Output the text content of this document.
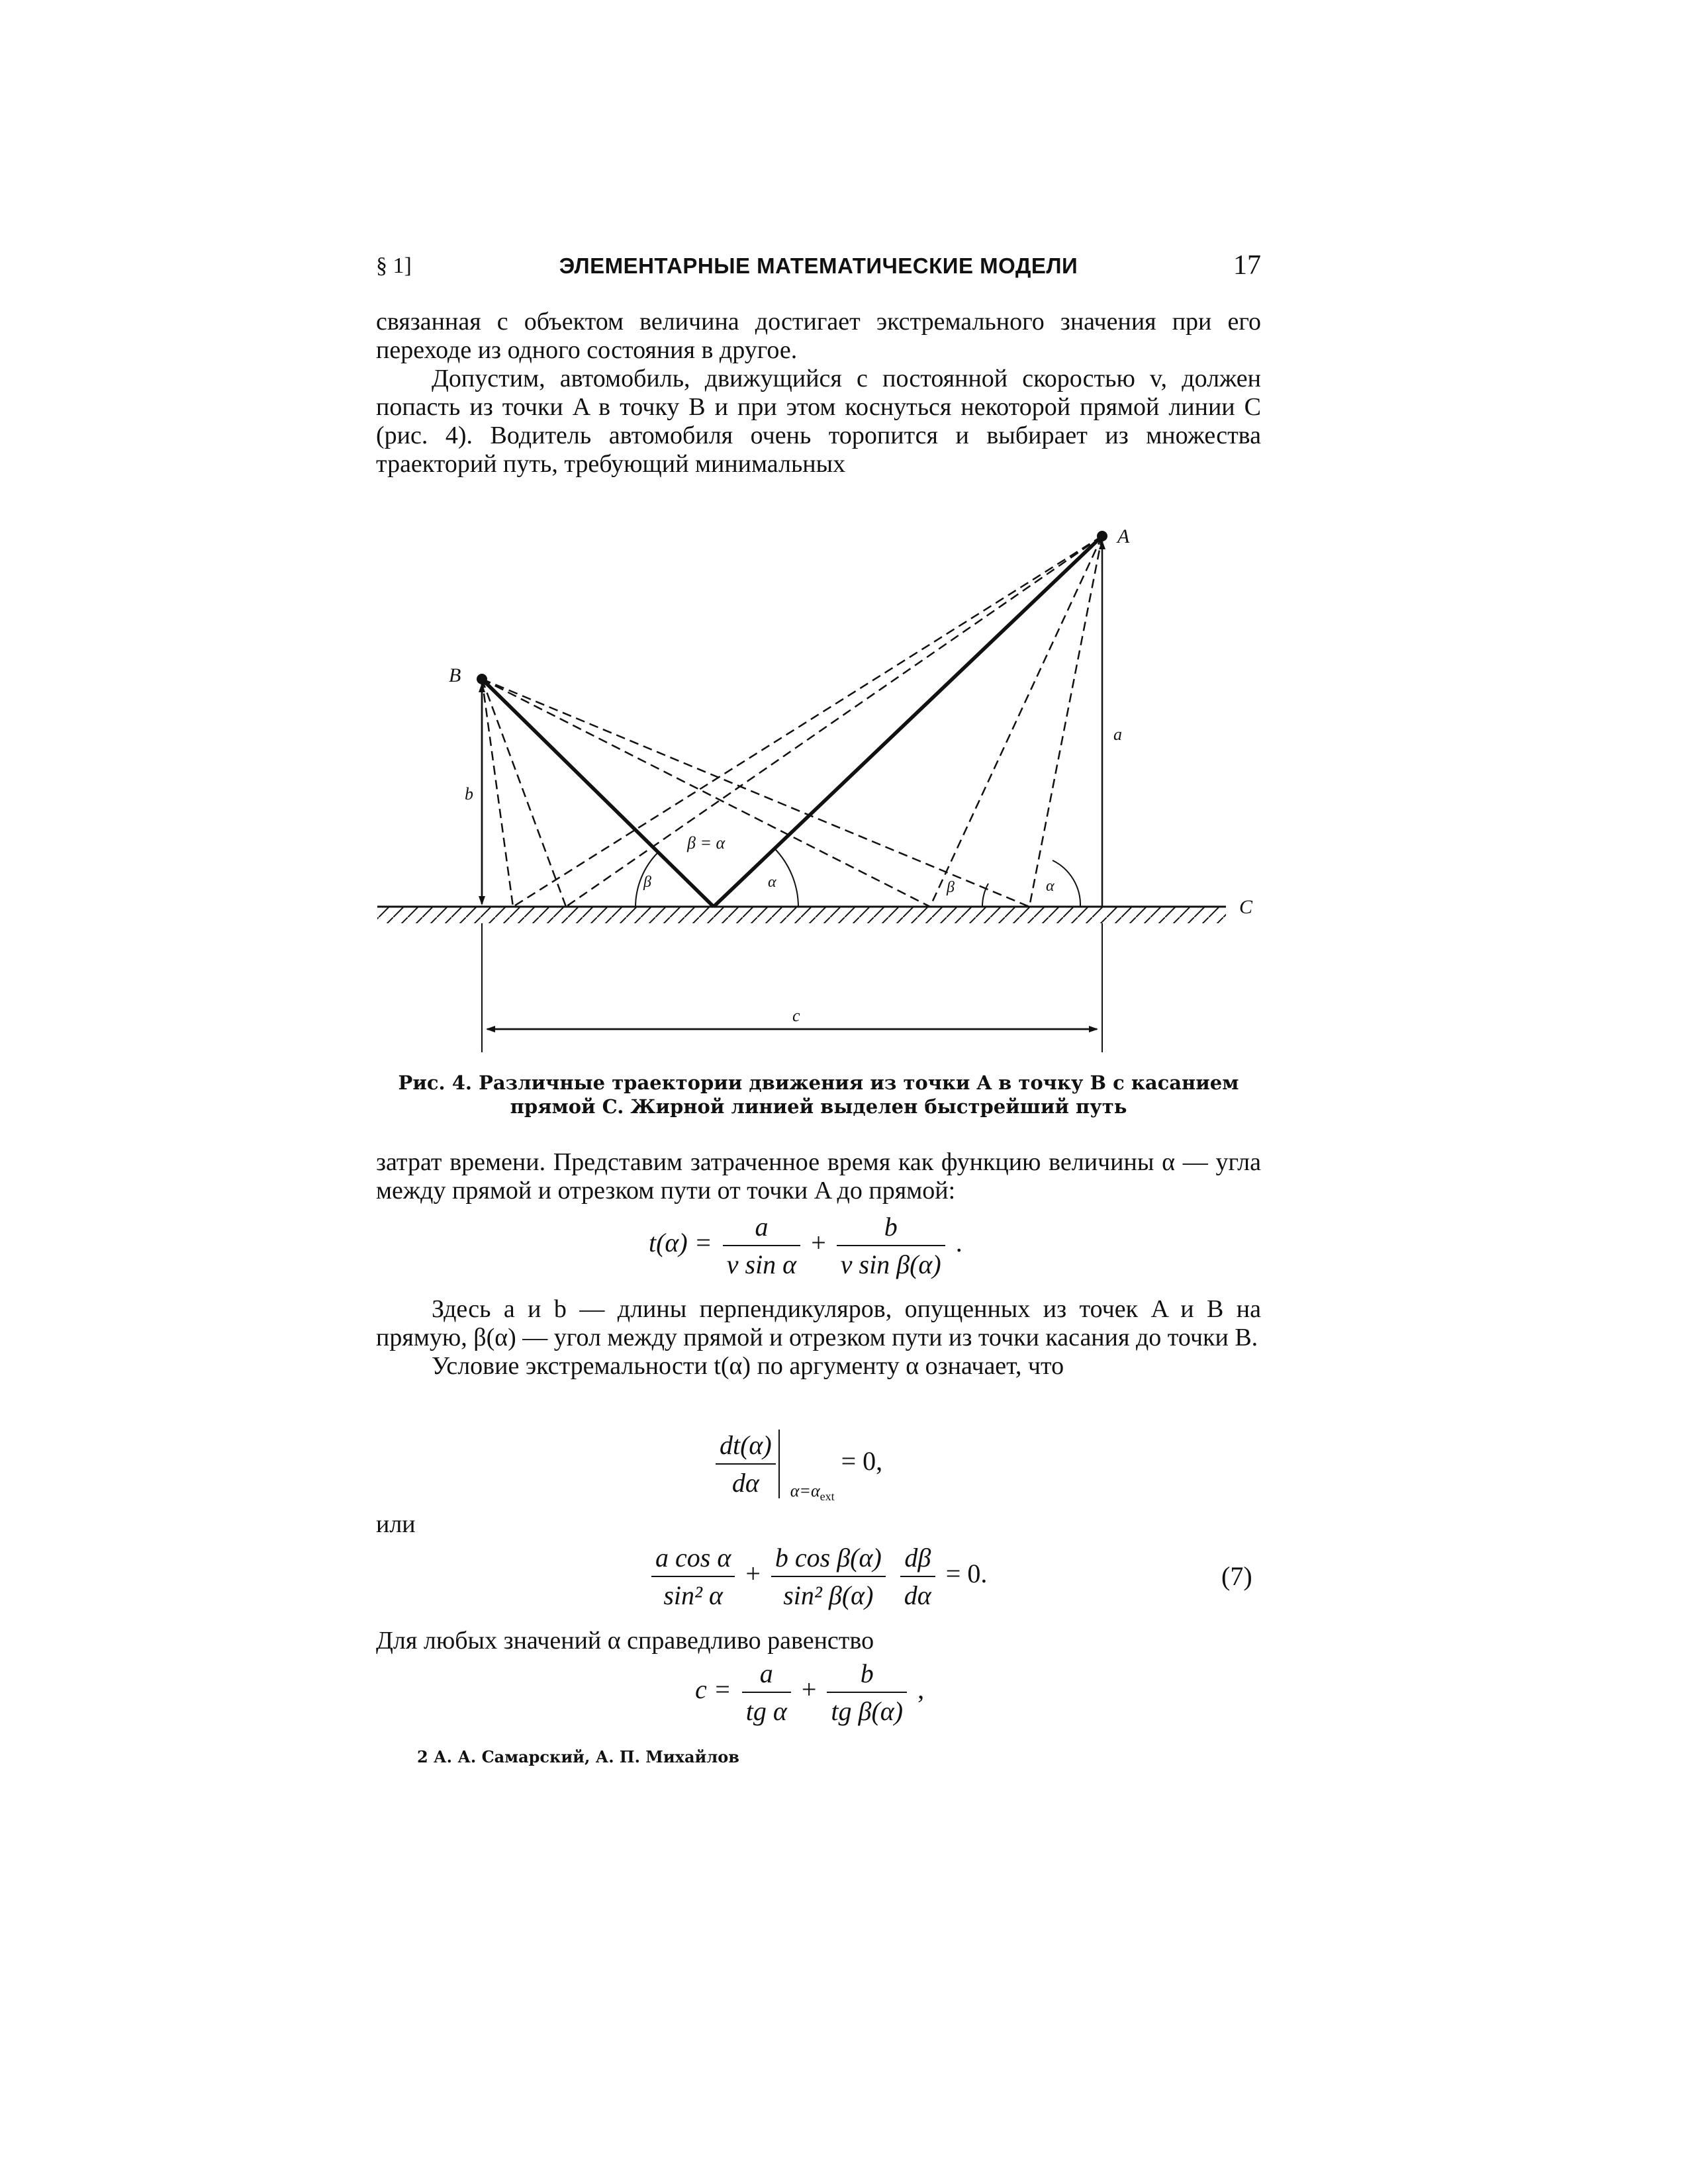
§ 1]	ЭЛЕМЕНТАРНЫЕ МАТЕМАТИЧЕСКИЕ МОДЕЛИ	17

связанная с объектом величина достигает экстремального значения при его переходе из одного состояния в другое.

Допустим, автомобиль, движущийся с постоянной скоростью v, должен попасть из точки A в точку B и при этом коснуться некоторой прямой линии C (рис. 4). Водитель автомобиля очень торопится и выбирает из множества траекторий путь, требующий минимальных

A
B
C
a
b
c
β = α
β	α	β	α
Рис. 4. Различные траектории движения из точки A в точку B с касанием
прямой C. Жирной линией выделен быстрейший путь

затрат времени. Представим затраченное время как функцию величины α — угла между прямой и отрезком пути от точки A до прямой:

$t(\alpha) = \frac{a}{\text{v sin α}} + \frac{b}{\text{v sin β(α)}}$ .

Здесь a и b — длины перпендикуляров, опущенных из точек A и B на прямую, β(α) — угол между прямой и отрезком пути из точки касания до точки B.

Условие экстремальности t(α) по аргументу α означает, что

$\frac{dt(\alpha)}{d\alpha} \alpha=\alpha_{ext} = 0$,

или

$\frac{\text{a cos α}}{\text{sin² α}} + \frac{\text{b cos β(α)}}{\text{sin² β(α)}}$
$\frac{d\beta}{d\alpha} = 0$.	(7)

Для любых значений α справедливо равенство

$c = \frac{a}{\text{tg α}} + \frac{b}{\text{tg β(α)}}$ ,
2 А. А. Самарский, А. П. Михайлов
